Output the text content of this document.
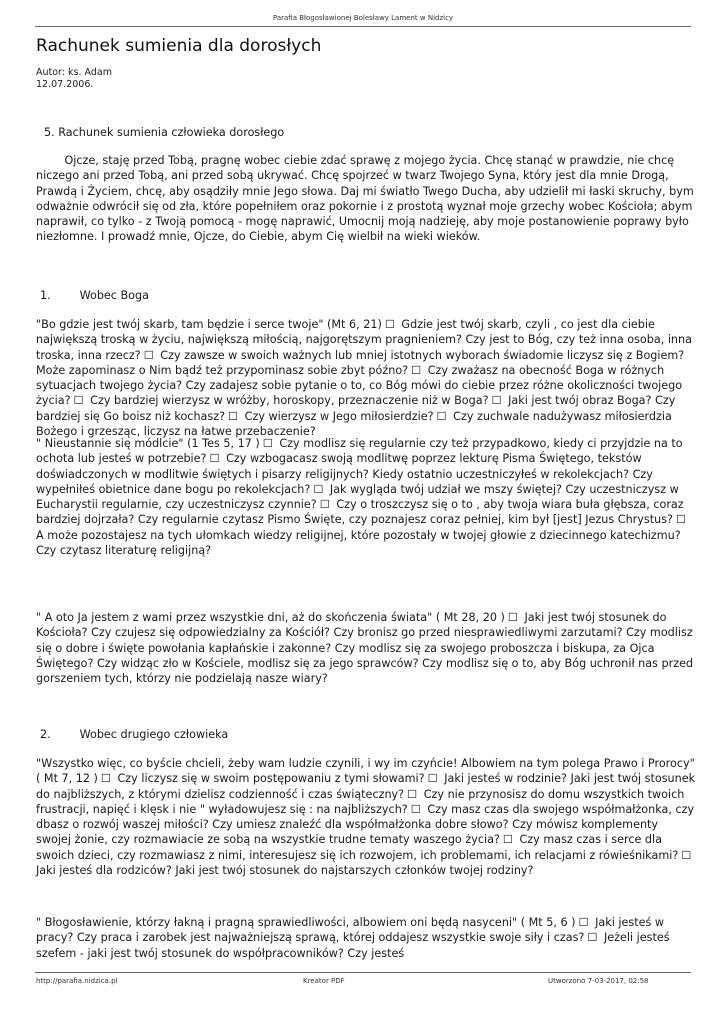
Parafia Błogosławionej Bolesławy Lament w Nidzicy
Rachunek sumienia dla dorosłych
Autor: ks. Adam
12.07.2006.
5. Rachunek sumienia człowieka dorosłego

Ojcze, staję przed Tobą, pragnę wobec ciebie zdać sprawę z mojego życia. Chcę stanąć w prawdzie, nie chcę niczego ani przed Tobą, ani przed sobą ukrywać. Chcę spojrzeć w twarz Twojego Syna, który jest dla mnie Drogą, Prawdą i Życiem, chcę, aby osądziły mnie Jego słowa. Daj mi światło Twego Ducha, aby udzielił mi łaski skruchy, bym odważnie odwrócił się od zła, które popełniłem oraz pokornie i z prostotą wyznał moje grzechy wobec Kościoła; abym naprawił, co tylko - z Twoją pomocą - mogę naprawić, Umocnij moją nadzieję, aby moje postanowienie poprawy było niezłomne. I prowadź mnie, Ojcze, do Ciebie, abym Cię wielbił na wieki wieków.

1.	Wobec Boga

"Bo gdzie jest twój skarb, tam będzie i serce twoje" (Mt 6, 21) ☐ Gdzie jest twój skarb, czyli , co jest dla ciebie największą troską w życiu, największą miłością, najgorętszym pragnieniem? Czy jest to Bóg, czy też inna osoba, inna troska, inna rzecz? ☐ Czy zawsze w swoich ważnych lub mniej istotnych wyborach świadomie liczysz się z Bogiem? Może zapominasz o Nim bądź też przypominasz sobie zbyt późno? ☐ Czy zważasz na obecność Boga w różnych sytuacjach twojego życia? Czy zadajesz sobie pytanie o to, co Bóg mówi do ciebie przez różne okoliczności twojego życia? ☐ Czy bardziej wierzysz w wróżby, horoskopy, przeznaczenie niż w Boga? ☐ Jaki jest twój obraz Boga? Czy bardziej się Go boisz niż kochasz? ☐ Czy wierzysz w Jego miłosierdzie? ☐ Czy zuchwale nadużywasz miłosierdzia Bożego i grzesząc, liczysz na łatwe przebaczenie?

" Nieustannie się módlcie" (1 Tes 5, 17 ) ☐ Czy modlisz się regularnie czy też przypadkowo, kiedy ci przyjdzie na to ochota lub jesteś w potrzebie? ☐ Czy wzbogacasz swoją modlitwę poprzez lekturę Pisma Świętego, tekstów doświadczonych w modlitwie świętych i pisarzy religijnych? Kiedy ostatnio uczestniczyłeś w rekolekcjach? Czy wypełniłeś obietnice dane bogu po rekolekcjach? ☐ Jak wygląda twój udział we mszy świętej? Czy uczestniczysz w Eucharystii regularnie, czy uczestniczysz czynnie? ☐ Czy o troszczysz się o to , aby twoja wiara buła głębsza, coraz bardziej dojrzała? Czy regularnie czytasz Pismo Święte, czy poznajesz coraz pełniej, kim był [jest] Jezus Chrystus? ☐ A może pozostajesz na tych ułomkach wiedzy religijnej, które pozostały w twojej głowie z dziecinnego katechizmu? Czy czytasz literaturę religijną?

" A oto Ja jestem z wami przez wszystkie dni, aż do skończenia świata" ( Mt 28, 20 ) ☐ Jaki jest twój stosunek do Kościoła? Czy czujesz się odpowiedzialny za Kościół? Czy bronisz go przed niesprawiedliwymi zarzutami? Czy modlisz się o dobre i święte powołania kapłańskie i zakonne? Czy modlisz się za swojego proboszcza i biskupa, za Ojca Świętego? Czy widząc zło w Kościele, modlisz się za jego sprawców? Czy modlisz się o to, aby Bóg uchronił nas przed gorszeniem tych, którzy nie podzielają nasze wiary?

2.	Wobec drugiego człowieka

"Wszystko więc, co byście chcieli, żeby wam ludzie czynili, i wy im czyńcie! Albowiem na tym polega Prawo i Prorocy" ( Mt 7, 12 ) ☐ Czy liczysz się w swoim postępowaniu z tymi słowami? ☐ Jaki jesteś w rodzinie? Jaki jest twój stosunek do najbliższych, z którymi dzielisz codzienność i czas świąteczny? ☐ Czy nie przynosisz do domu wszystkich twoich frustracji, napięć i klęsk i nie " wyładowujesz się : na najbliższych? ☐ Czy masz czas dla swojego współmałżonka, czy dbasz o rozwój waszej miłości? Czy umiesz znaleźć dla współmałżonka dobre słowo? Czy mówisz komplementy swojej żonie, czy rozmawiacie ze sobą na wszystkie trudne tematy waszego życia? ☐ Czy masz czas i serce dla swoich dzieci, czy rozmawiasz z nimi, interesujesz się ich rozwojem, ich problemami, ich relacjami z rówieśnikami? ☐ Jaki jesteś dla rodziców? Jaki jest twój stosunek do najstarszych członków twojej rodziny?

" Błogosławienie, którzy łakną i pragną sprawiedliwości, albowiem oni będą nasyceni" ( Mt 5, 6 ) ☐ Jaki jesteś w pracy? Czy praca i zarobek jest najważniejszą sprawą, której oddajesz wszystkie swoje siły i czas? ☐ Jeżeli jesteś szefem - jaki jest twój stosunek do współpracowników? Czy jesteś

http://parafia.nidzica.pl	Kreator PDF	Utworzono 7-03-2017, 02:58
